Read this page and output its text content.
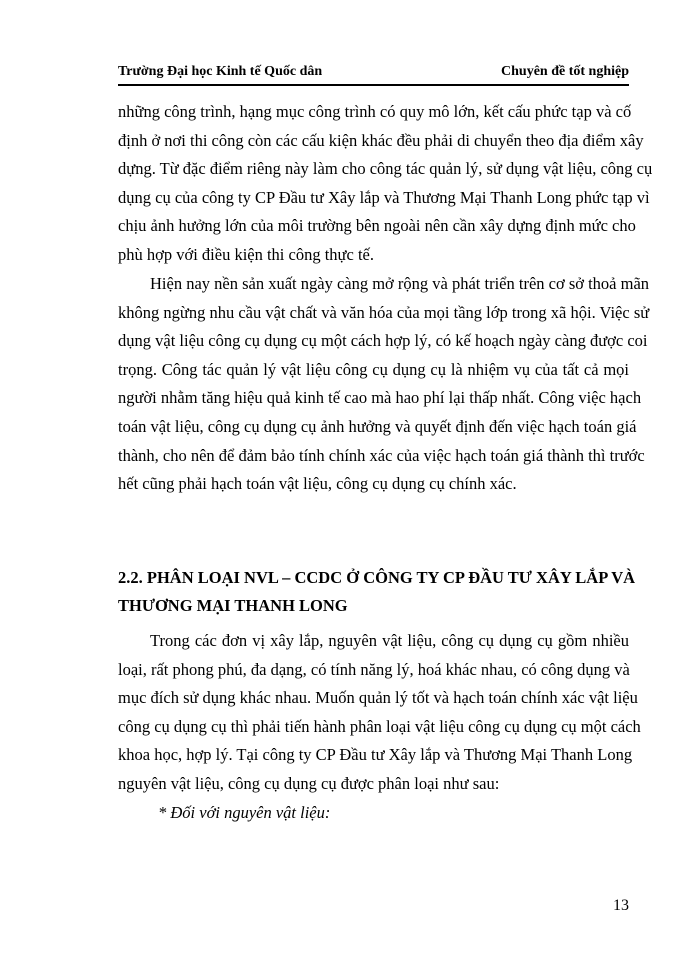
Trường Đại học Kinh tế Quốc dân	Chuyên đề tốt nghiệp
những công trình, hạng mục công trình có quy mô lớn, kết cấu phức tạp và cố
định ở nơi thi công còn các cấu kiện khác đều phải di chuyển theo địa điểm xây
dựng. Từ đặc điểm riêng này làm cho công tác quản lý, sử dụng vật liệu, công cụ
dụng cụ của công ty CP Đầu tư Xây lắp và Thương Mại Thanh Long phức tạp vì
chịu ảnh hưởng lớn của môi trường bên ngoài nên cần xây dựng định mức cho
phù hợp với điều kiện thi công thực tế.
Hiện nay nền sản xuất ngày càng mở rộng và phát triển trên cơ sở thoả mãn
không ngừng nhu cầu vật chất và văn hóa của mọi tầng lớp trong xã hội. Việc sử
dụng vật liệu công cụ dụng cụ một cách hợp lý, có kế hoạch ngày càng được coi
trọng. Công tác quản lý vật liệu công cụ dụng cụ là nhiệm vụ của tất cả mọi
người nhằm tăng hiệu quả kinh tế cao mà hao phí lại thấp nhất. Công việc hạch
toán vật liệu, công cụ dụng cụ ảnh hưởng và quyết định đến việc hạch toán giá
thành, cho nên để đảm bảo tính chính xác của việc hạch toán giá thành thì trước
hết cũng phải hạch toán vật liệu, công cụ dụng cụ chính xác.
2.2. PHÂN LOẠI NVL – CCDC Ở CÔNG TY CP ĐẦU TƯ XÂY LẮP VÀ
THƯƠNG MẠI THANH LONG
Trong các đơn vị xây lắp, nguyên vật liệu, công cụ dụng cụ gồm nhiều
loại, rất phong phú, đa dạng, có tính năng lý, hoá khác nhau, có công dụng và
mục đích sử dụng khác nhau. Muốn quản lý tốt và hạch toán chính xác vật liệu
công cụ dụng cụ thì phải tiến hành phân loại vật liệu công cụ dụng cụ một cách
khoa học, hợp lý. Tại công ty CP Đầu tư Xây lắp và Thương Mại Thanh Long
nguyên vật liệu, công cụ dụng cụ được phân loại như sau:
* Đối với nguyên vật liệu:
13
